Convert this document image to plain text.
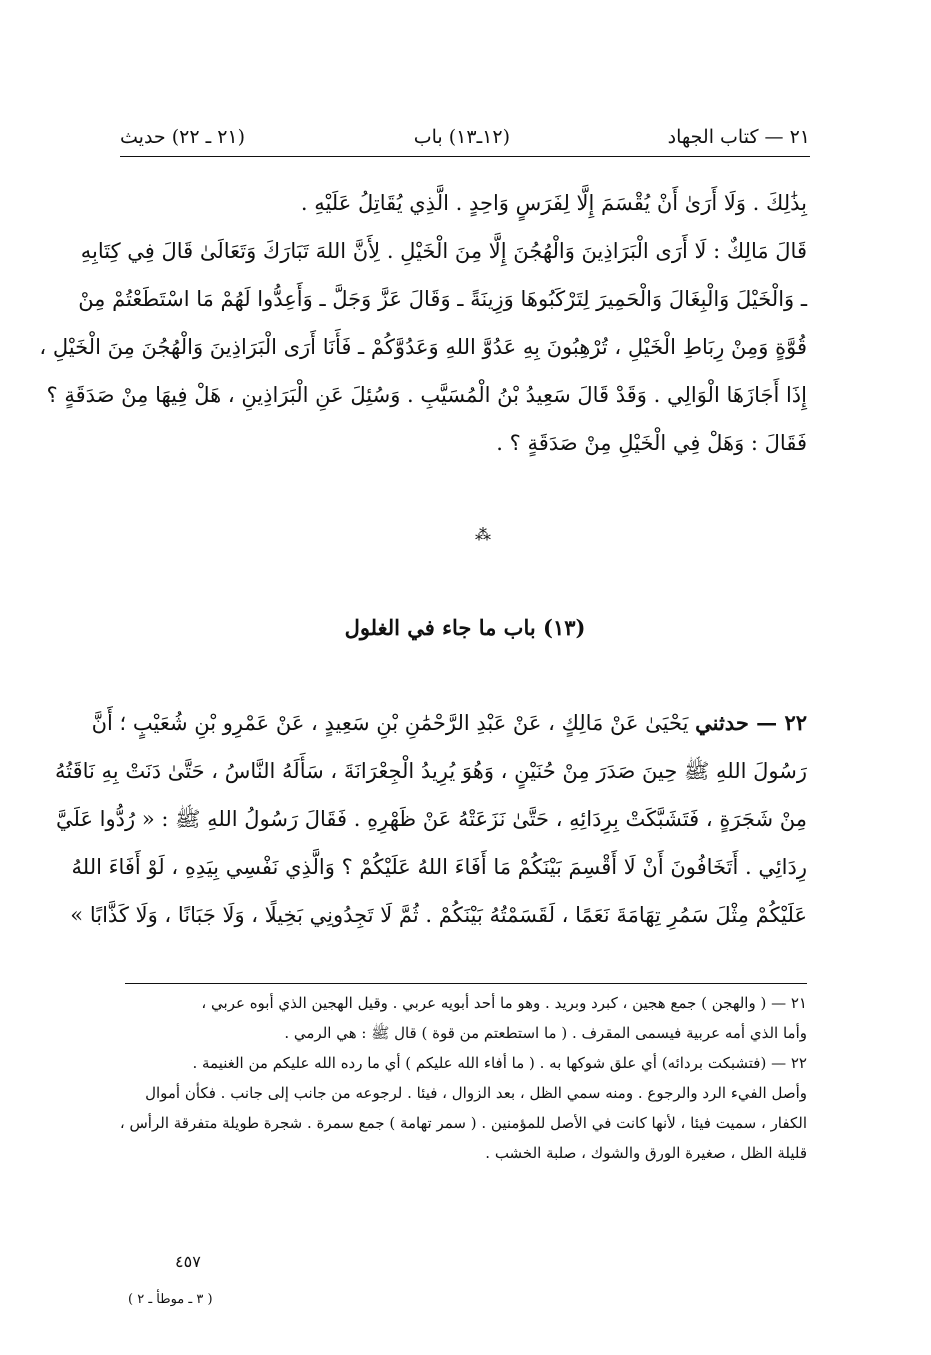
٢١ — كتاب الجهاد
(١٢ـ١٣) باب
(٢١ ـ ٢٢) حديث
بِذَٰلِكَ . وَلَا أَرَىٰ أَنْ يُقْسَمَ إِلَّا لِفَرَسٍ وَاحِدٍ . الَّذِي يُقَاتِلُ عَلَيْهِ .
قَالَ مَالِكٌ : لَا أَرَى الْبَرَاذِينَ وَالْهُجُنَ إِلَّا مِنَ الْخَيْلِ . لِأَنَّ اللهَ تَبَارَكَ وَتَعَالَىٰ قَالَ فِي كِتَابِهِ
ـ وَالْخَيْلَ وَالْبِغَالَ وَالْحَمِيرَ لِتَرْكَبُوهَا وَزِينَةً ـ وَقَالَ عَزَّ وَجَلَّ ـ وَأَعِدُّوا لَهُمْ مَا اسْتَطَعْتُمْ مِنْ
قُوَّةٍ وَمِنْ رِبَاطِ الْخَيْلِ ، تُرْهِبُونَ بِهِ عَدُوَّ اللهِ وَعَدُوَّكُمْ ـ فَأَنَا أَرَى الْبَرَاذِينَ وَالْهُجُنَ مِنَ الْخَيْلِ ،
إِذَا أَجَازَهَا الْوَالِي . وَقَدْ قَالَ سَعِيدُ بْنُ الْمُسَيَّبِ . وَسُئِلَ عَنِ الْبَرَاذِينِ ، هَلْ فِيهَا مِنْ صَدَقَةٍ ؟
فَقَالَ : وَهَلْ فِي الْخَيْلِ مِنْ صَدَقَةٍ ؟ .
⁂
(١٣) باب ما جاء في الغلول
٢٢ — حدثني يَحْيَىٰ عَنْ مَالِكٍ ، عَنْ عَبْدِ الرَّحْمَٰنِ بْنِ سَعِيدٍ ، عَنْ عَمْرِو بْنِ شُعَيْبٍ ؛ أَنَّ
رَسُولَ اللهِ ﷺ حِينَ صَدَرَ مِنْ حُنَيْنٍ ، وَهُوَ يُرِيدُ الْجِعْرَانَةَ ، سَأَلَهُ النَّاسُ ، حَتَّىٰ دَنَتْ بِهِ نَاقَتُهُ
مِنْ شَجَرَةٍ ، فَتَشَبَّكَتْ بِرِدَائِهِ ، حَتَّىٰ نَزَعَتْهُ عَنْ ظَهْرِهِ . فَقَالَ رَسُولُ اللهِ ﷺ : « رُدُّوا عَلَيَّ
رِدَائِي . أَتَخَافُونَ أَنْ لَا أَقْسِمَ بَيْنَكُمْ مَا أَفَاءَ اللهُ عَلَيْكُمْ ؟ وَالَّذِي نَفْسِي بِيَدِهِ ، لَوْ أَفَاءَ اللهُ
عَلَيْكُمْ مِثْلَ سَمُرِ تِهَامَةَ نَعَمًا ، لَقَسَمْتُهُ بَيْنَكُمْ . ثُمَّ لَا تَجِدُونِي بَخِيلًا ، وَلَا جَبَانًا ، وَلَا كَذَّابًا »
٢١ — ( والهجن ) جمع هجين ، كبرد وبريد . وهو ما أحد أبويه عربي . وقيل الهجين الذي أبوه عربي ،
وأما الذي أمه عربية فيسمى المقرف . ( ما استطعتم من قوة ) قال ﷺ : هي الرمي .
٢٢ — (فتشبكت بردائه) أي علق شوكها به . ( ما أفاء الله عليكم ) أي ما رده الله عليكم من الغنيمة .
وأصل الفيء الرد والرجوع . ومنه سمي الظل ، بعد الزوال ، فيئا . لرجوعه من جانب إلى جانب . فكأن أموال
الكفار ، سميت فيئا ، لأنها كانت في الأصل للمؤمنين . ( سمر تهامة ) جمع سمرة . شجرة طويلة متفرقة الرأس ،
قليلة الظل ، صغيرة الورق والشوك ، صلبة الخشب .
٤٥٧
( ٣ ـ موطأ ـ ٢ )
